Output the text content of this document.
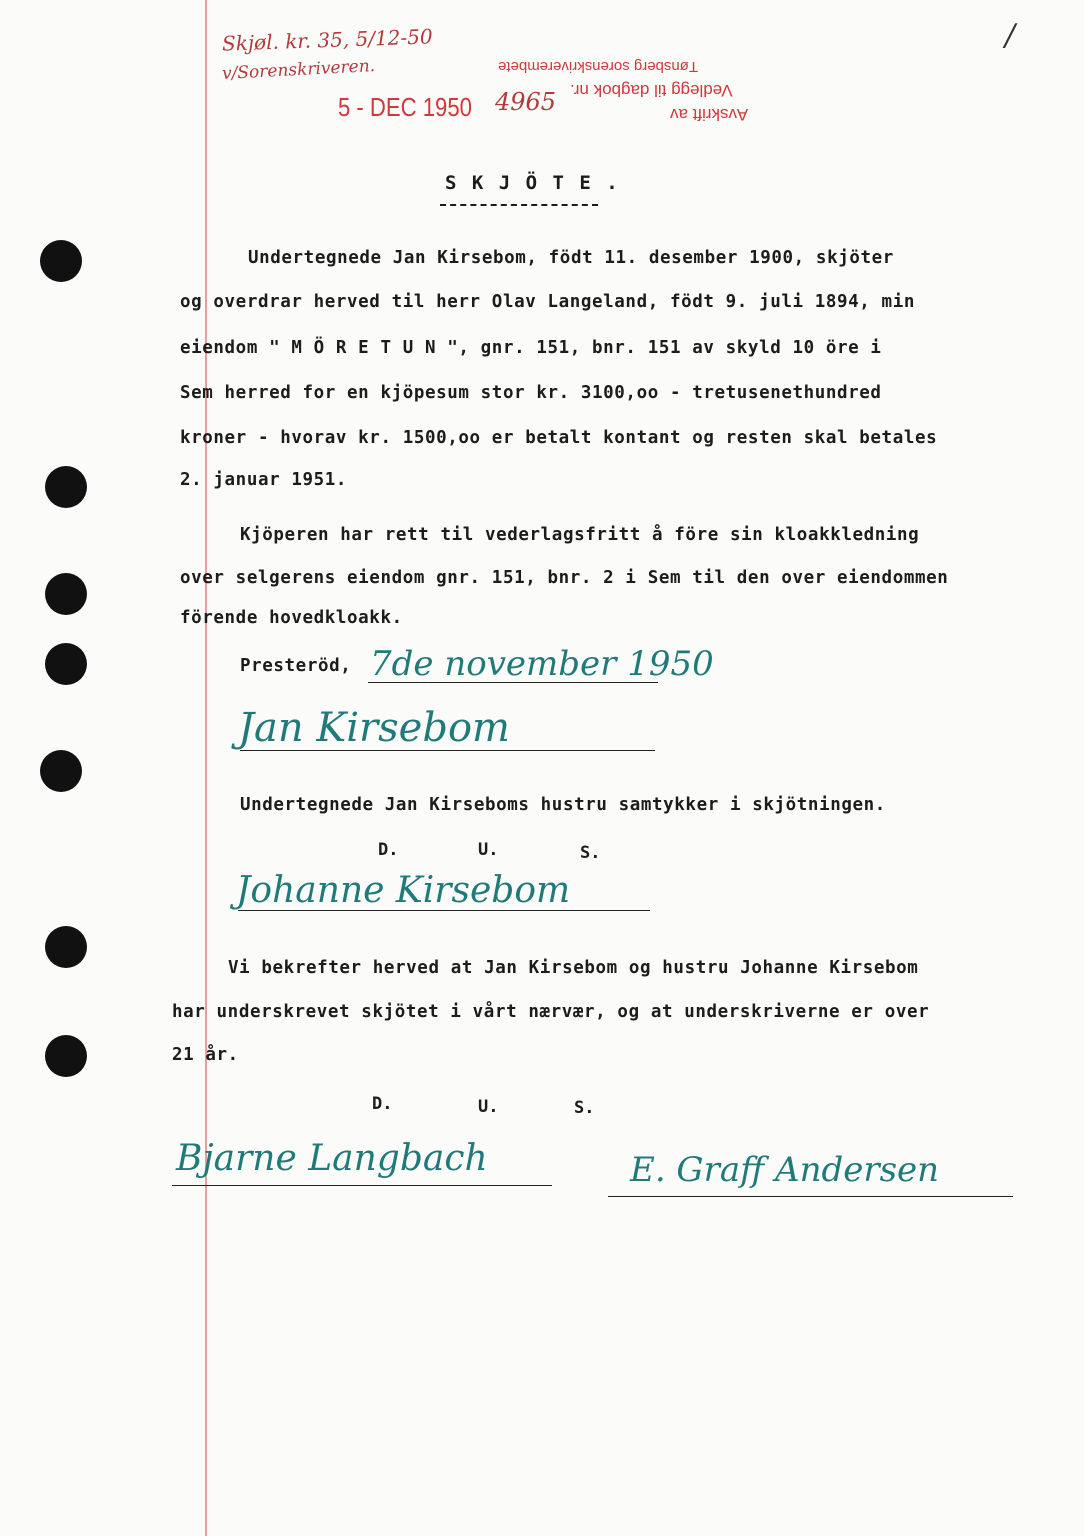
Skjøl. kr. 35, 5/12-50
v/Sorenskriveren.	Tønsberg sorenskriverembete
Vedlegg til dagbok nr.
Avskrift av
5 - DEC 1950 4965
/
S K J Ö T E .
Undertegnede Jan Kirsebom, födt 11. desember 1900, skjöter
og overdrar herved til herr Olav Langeland, födt 9. juli 1894, min
eiendom " M Ö R E T U N ", gnr. 151, bnr. 151 av skyld 10 öre i
Sem herred for en kjöpesum stor kr. 3100,oo - tretusenethundred
kroner - hvorav kr. 1500,oo er betalt kontant og resten skal betales
2. januar 1951.
Kjöperen har rett til vederlagsfritt å före sin kloakkledning
over selgerens eiendom gnr. 151, bnr. 2 i Sem til den over eiendommen
förende hovedkloakk.
Presteröd, 7de november 1950
Jan Kirsebom
Undertegnede Jan Kirseboms hustru samtykker i skjötningen.
D.	U.	S.
Johanne Kirsebom
Vi bekrefter herved at Jan Kirsebom og hustru Johanne Kirsebom
har underskrevet skjötet i vårt nærvær, og at underskriverne er over
21 år.
D.	U.	S.
Bjarne Langbach	E. Graff Andersen
